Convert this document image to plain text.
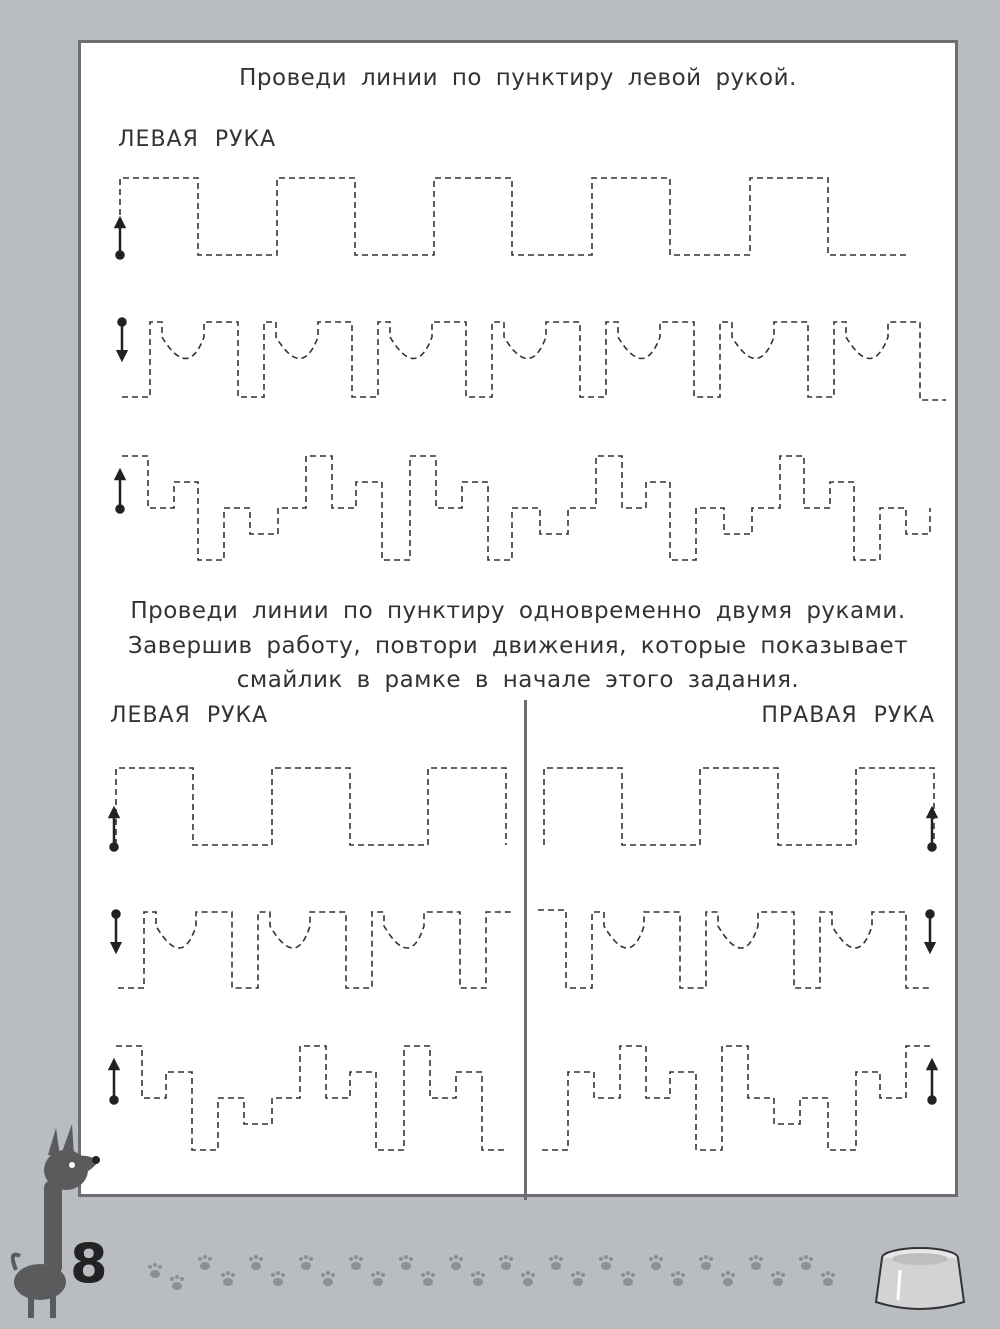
Проведи линии по пунктиру левой рукой.
ЛЕВАЯ РУКА
Проведи линии по пунктиру одновременно двумя руками.
Завершив работу, повтори движения, которые показывает
смайлик в рамке в начале этого задания.
ЛЕВАЯ РУКА	ПРАВАЯ РУКА
8
